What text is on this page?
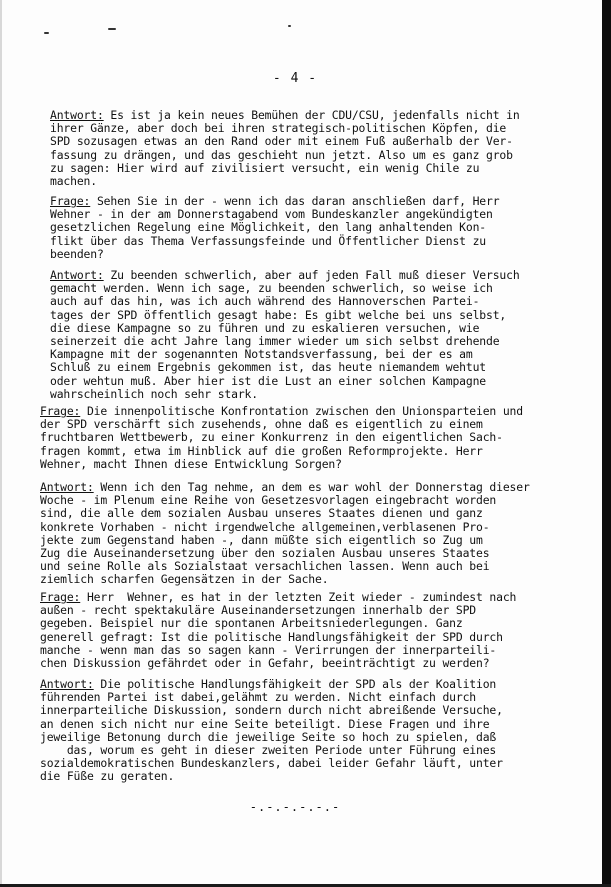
- 4 -

Antwort: Es ist ja kein neues Bemühen der CDU/CSU, jedenfalls nicht in
ihrer Gänze, aber doch bei ihren strategisch-politischen Köpfen, die
SPD sozusagen etwas an den Rand oder mit einem Fuß außerhalb der Ver-
fassung zu drängen, und das geschieht nun jetzt. Also um es ganz grob
zu sagen: Hier wird auf zivilisiert versucht, ein wenig Chile zu
machen.

Frage: Sehen Sie in der - wenn ich das daran anschließen darf, Herr
Wehner - in der am Donnerstagabend vom Bundeskanzler angekündigten
gesetzlichen Regelung eine Möglichkeit, den lang anhaltenden Kon-
flikt über das Thema Verfassungsfeinde und Öffentlicher Dienst zu
beenden?

Antwort: Zu beenden schwerlich, aber auf jeden Fall muß dieser Versuch
gemacht werden. Wenn ich sage, zu beenden schwerlich, so weise ich
auch auf das hin, was ich auch während des Hannoverschen Partei-
tages der SPD öffentlich gesagt habe: Es gibt welche bei uns selbst,
die diese Kampagne so zu führen und zu eskalieren versuchen, wie
seinerzeit die acht Jahre lang immer wieder um sich selbst drehende
Kampagne mit der sogenannten Notstandsverfassung, bei der es am
Schluß zu einem Ergebnis gekommen ist, das heute niemandem wehtut
oder wehtun muß. Aber hier ist die Lust an einer solchen Kampagne
wahrscheinlich noch sehr stark.

Frage: Die innenpolitische Konfrontation zwischen den Unionsparteien und
der SPD verschärft sich zusehends, ohne daß es eigentlich zu einem
fruchtbaren Wettbewerb, zu einer Konkurrenz in den eigentlichen Sach-
fragen kommt, etwa im Hinblick auf die großen Reformprojekte. Herr
Wehner, macht Ihnen diese Entwicklung Sorgen?

Antwort: Wenn ich den Tag nehme, an dem es war wohl der Donnerstag dieser
Woche - im Plenum eine Reihe von Gesetzesvorlagen eingebracht worden
sind, die alle dem sozialen Ausbau unseres Staates dienen und ganz
konkrete Vorhaben - nicht irgendwelche allgemeinen,verblasenen Pro-
jekte zum Gegenstand haben -, dann müßte sich eigentlich so Zug um
Zug die Auseinandersetzung über den sozialen Ausbau unseres Staates
und seine Rolle als Sozialstaat versachlichen lassen. Wenn auch bei
ziemlich scharfen Gegensätzen in der Sache.

Frage: Herr  Wehner, es hat in der letzten Zeit wieder - zumindest nach
außen - recht spektakuläre Auseinandersetzungen innerhalb der SPD
gegeben. Beispiel nur die spontanen Arbeitsniederlegungen. Ganz
generell gefragt: Ist die politische Handlungsfähigkeit der SPD durch
manche - wenn man das so sagen kann - Verirrungen der innerparteili-
chen Diskussion gefährdet oder in Gefahr, beeinträchtigt zu werden?

Antwort: Die politische Handlungsfähigkeit der SPD als der Koalition
führenden Partei ist dabei,gelähmt zu werden. Nicht einfach durch
innerparteiliche Diskussion, sondern durch nicht abreißende Versuche,
an denen sich nicht nur eine Seite beteiligt. Diese Fragen und ihre
jeweilige Betonung durch die jeweilige Seite so hoch zu spielen, daß
das, worum es geht in dieser zweiten Periode unter Führung eines
sozialdemokratischen Bundeskanzlers, dabei leider Gefahr läuft, unter
die Füße zu geraten.

-.-.-.-.-.-
